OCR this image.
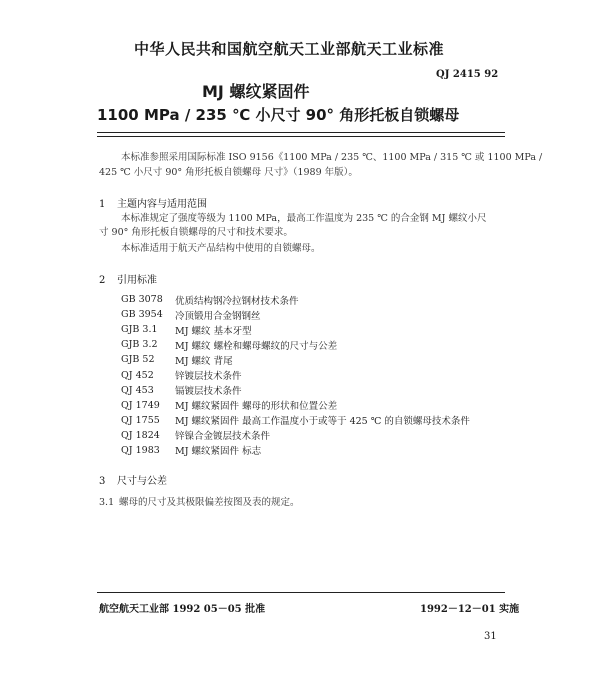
中华人民共和国航空航天工业部航天工业标准
QJ 2415 92
MJ 螺纹紧固件
1100 MPa / 235 ℃ 小尺寸 90° 角形托板自锁螺母
本标准参照采用国际标准 ISO 9156《1100 MPa / 235 ℃、1100 MPa / 315 ℃ 或 1100 MPa /
425 ℃ 小尺寸 90° 角形托板自锁螺母 尺寸》（1989 年版）。
1 主题内容与适用范围
本标准规定了强度等级为 1100 MPa，最高工作温度为 235 ℃ 的合金钢 MJ 螺纹小尺
寸 90° 角形托板自锁螺母的尺寸和技术要求。
本标准适用于航天产品结构中使用的自锁螺母。
2 引用标准
GB 3078	优质结构钢冷拉钢材技术条件
GB 3954	冷顶锻用合金钢钢丝
GJB 3.1	MJ 螺纹 基本牙型
GJB 3.2	MJ 螺纹 螺栓和螺母螺纹的尺寸与公差
GJB 52	MJ 螺纹 背尾
QJ 452	锌镀层技术条件
QJ 453	镉镀层技术条件
QJ 1749	MJ 螺纹紧固件 螺母的形状和位置公差
QJ 1755	MJ 螺纹紧固件 最高工作温度小于或等于 425 ℃ 的自锁螺母技术条件
QJ 1824	锌镍合金镀层技术条件
QJ 1983	MJ 螺纹紧固件 标志
3 尺寸与公差
3.1 螺母的尺寸及其极限偏差按图及表的规定。
航空航天工业部 1992 05－05 批准	1992－12－01 实施
31
